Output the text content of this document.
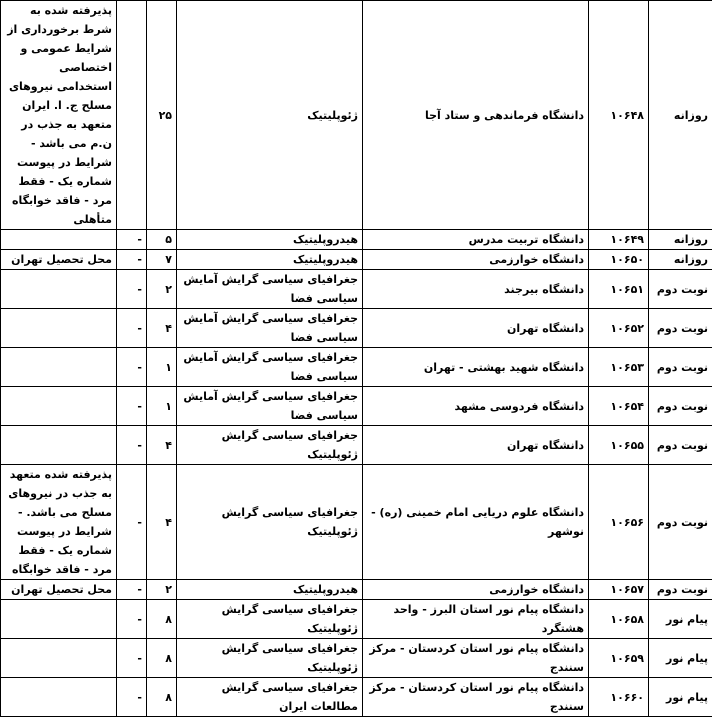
روزانه	۱۰۶۴۸	دانشگاه فرماندهی و ستاد آجا	ژئوپلیتیک	۲۵		پذیرفته شده به شرط برخورداری از شرایط عمومی و اختصاصی استخدامی نیروهای مسلح ج. ا. ایران متعهد به جذب در ن.م می باشد - شرایط در پیوست شماره یک - فقط مرد - فاقد خوابگاه متأهلی
روزانه	۱۰۶۴۹	دانشگاه تربیت مدرس	هیدروپلیتیک	۵	-	
روزانه	۱۰۶۵۰	دانشگاه خوارزمی	هیدروپلیتیک	۷	-	محل تحصیل تهران
نوبت دوم	۱۰۶۵۱	دانشگاه بیرجند	جغرافیای سیاسی گرایش آمایش سیاسی فضا	۲	-	
نوبت دوم	۱۰۶۵۲	دانشگاه تهران	جغرافیای سیاسی گرایش آمایش سیاسی فضا	۴	-	
نوبت دوم	۱۰۶۵۳	دانشگاه شهید بهشتی - تهران	جغرافیای سیاسی گرایش آمایش سیاسی فضا	۱	-	
نوبت دوم	۱۰۶۵۴	دانشگاه فردوسی مشهد	جغرافیای سیاسی گرایش آمایش سیاسی فضا	۱	-	
نوبت دوم	۱۰۶۵۵	دانشگاه تهران	جغرافیای سیاسی گرایش ژئوپلیتیک	۴	-	
نوبت دوم	۱۰۶۵۶	دانشگاه علوم دریایی امام خمینی (ره) - نوشهر	جغرافیای سیاسی گرایش ژئوپلیتیک	۴	-	پذیرفته شده متعهد به جذب در نیروهای مسلح می باشد. - شرایط در پیوست شماره یک - فقط مرد - فاقد خوابگاه
نوبت دوم	۱۰۶۵۷	دانشگاه خوارزمی	هیدروپلیتیک	۲	-	محل تحصیل تهران
پیام نور	۱۰۶۵۸	دانشگاه پیام نور استان البرز - واحد هشتگرد	جغرافیای سیاسی گرایش ژئوپلیتیک	۸	-	
پیام نور	۱۰۶۵۹	دانشگاه پیام نور استان کردستان - مرکز سنندج	جغرافیای سیاسی گرایش ژئوپلیتیک	۸	-	
پیام نور	۱۰۶۶۰	دانشگاه پیام نور استان کردستان - مرکز سنندج	جغرافیای سیاسی گرایش مطالعات ایران	۸	-	
